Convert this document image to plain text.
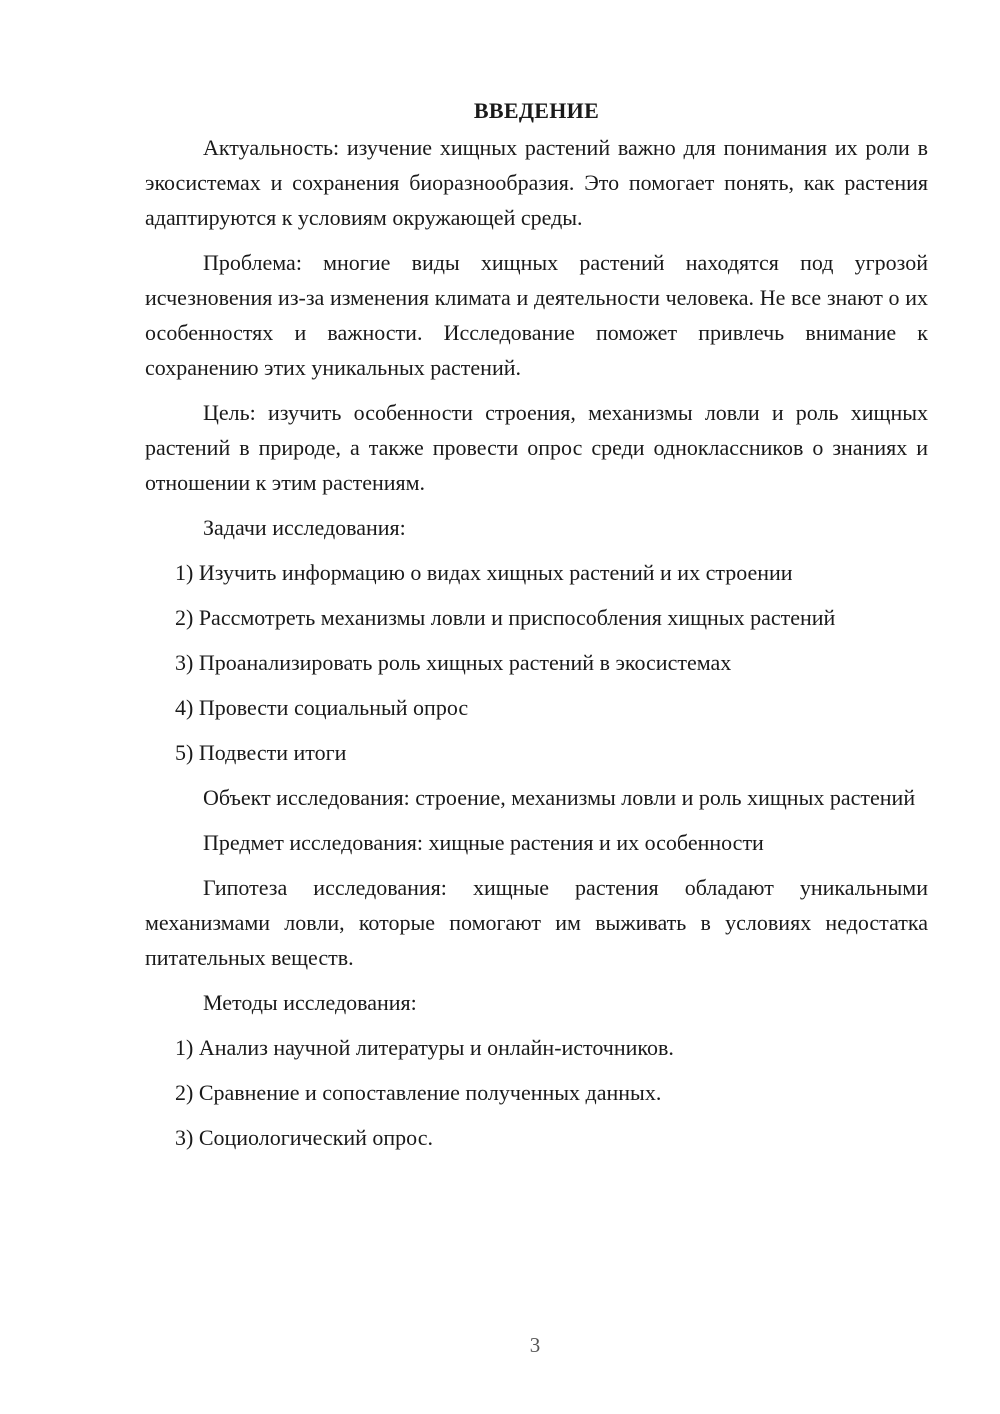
ВВЕДЕНИЕ

Актуальность: изучение хищных растений важно для понимания их роли в экосистемах и сохранения биоразнообразия. Это помогает понять, как растения адаптируются к условиям окружающей среды.

Проблема: многие виды хищных растений находятся под угрозой исчезновения из-за изменения климата и деятельности человека. Не все знают о их особенностях и важности. Исследование поможет привлечь внимание к сохранению этих уникальных растений.

Цель: изучить особенности строения, механизмы ловли и роль хищных растений в природе, а также провести опрос среди одноклассников о знаниях и отношении к этим растениям.

Задачи исследования:

1) Изучить информацию о видах хищных растений и их строении
2) Рассмотреть механизмы ловли и приспособления хищных растений
3) Проанализировать роль хищных растений в экосистемах
4) Провести социальный опрос
5) Подвести итоги

Объект исследования: строение, механизмы ловли и роль хищных растений

Предмет исследования: хищные растения и их особенности

Гипотеза исследования: хищные растения обладают уникальными механизмами ловли, которые помогают им выживать в условиях недостатка питательных веществ.

Методы исследования:

1) Анализ научной литературы и онлайн-источников.
2) Сравнение и сопоставление полученных данных.
3) Социологический опрос.
3
